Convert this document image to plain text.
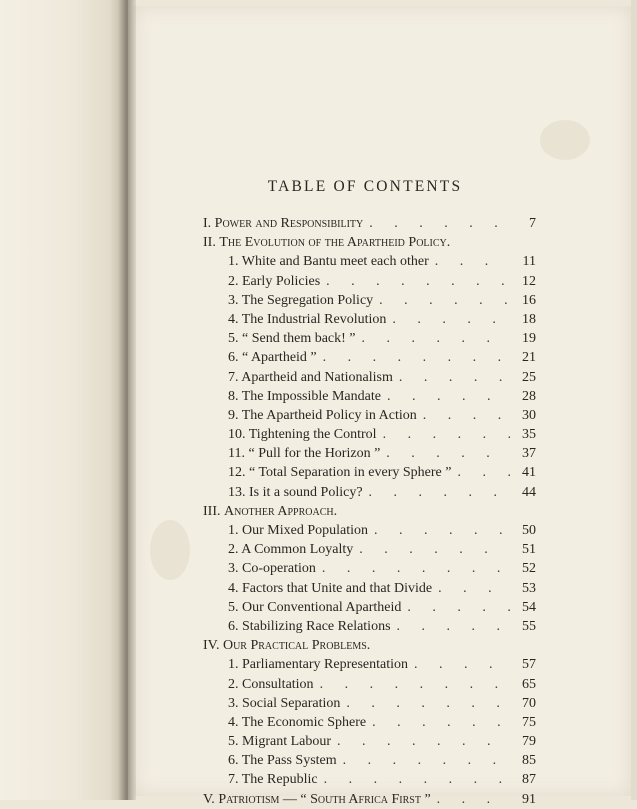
TABLE OF CONTENTS
I. Power and Responsibility . . .	7
II. The Evolution of the Apartheid Policy.
1. White and Bantu meet each other . . .	11
2. Early Policies . . .	12
3. The Segregation Policy . . .	16
4. The Industrial Revolution . . .	18
5. “ Send them back! ” . . .	19
6. “ Apartheid ” . . .	21
7. Apartheid and Nationalism . . .	25
8. The Impossible Mandate . . .	28
9. The Apartheid Policy in Action . . .	30
10. Tightening the Control . . .	35
11. “ Pull for the Horizon ” . . .	37
12. “ Total Separation in every Sphere ” . . .	41
13. Is it a sound Policy? . . .	44
III. Another Approach.
1. Our Mixed Population . . .	50
2. A Common Loyalty . . .	51
3. Co-operation . . .	52
4. Factors that Unite and that Divide . . .	53
5. Our Conventional Apartheid . . .	54
6. Stabilizing Race Relations . . .	55
IV. Our Practical Problems.
1. Parliamentary Representation . . .	57
2. Consultation . . .	65
3. Social Separation . . .	70
4. The Economic Sphere . . .	75
5. Migrant Labour . . .	79
6. The Pass System . . .	85
7. The Republic . . .	87
V. Patriotism — “ South Africa First ” . . .	91
